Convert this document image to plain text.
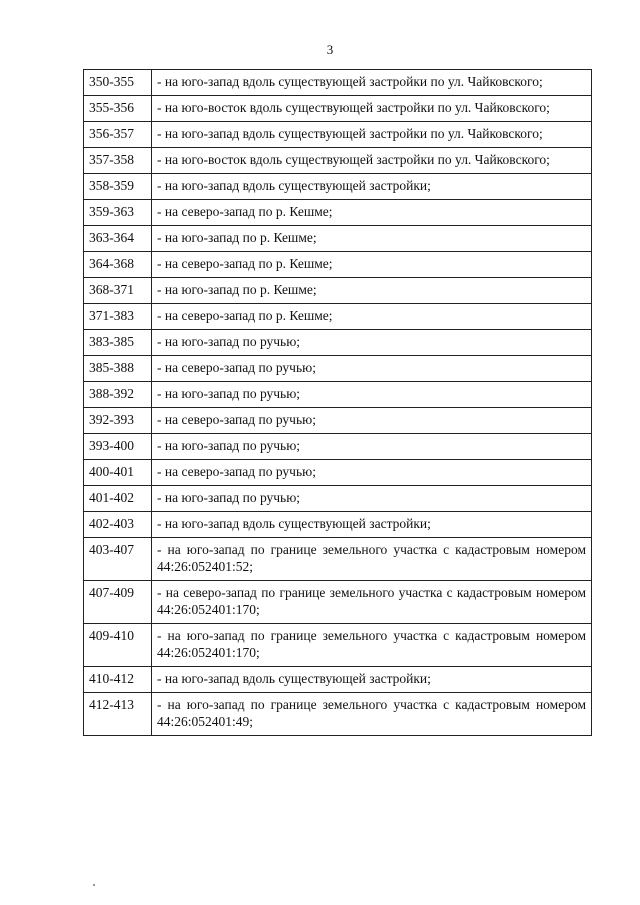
3
350-355	- на юго-запад вдоль существующей застройки по ул. Чайковского;
355-356	- на юго-восток вдоль существующей застройки по ул. Чайковского;
356-357	- на юго-запад вдоль существующей застройки по ул. Чайковского;
357-358	- на юго-восток вдоль существующей застройки по ул. Чайковского;
358-359	- на юго-запад вдоль существующей застройки;
359-363	- на северо-запад по р. Кешме;
363-364	- на юго-запад по р. Кешме;
364-368	- на северо-запад по р. Кешме;
368-371	- на юго-запад по р. Кешме;
371-383	- на северо-запад по р. Кешме;
383-385	- на юго-запад по ручью;
385-388	- на северо-запад по ручью;
388-392	- на юго-запад по ручью;
392-393	- на северо-запад по ручью;
393-400	- на юго-запад по ручью;
400-401	- на северо-запад по ручью;
401-402	- на юго-запад по ручью;
402-403	- на юго-запад вдоль существующей застройки;
403-407	- на юго-запад по границе земельного участка с кадастровым номером 44:26:052401:52;
407-409	- на северо-запад по границе земельного участка с кадастровым номером 44:26:052401:170;
409-410	- на юго-запад по границе земельного участка с кадастровым номером 44:26:052401:170;
410-412	- на юго-запад вдоль существующей застройки;
412-413	- на юго-запад по границе земельного участка с кадастровым номером 44:26:052401:49;
